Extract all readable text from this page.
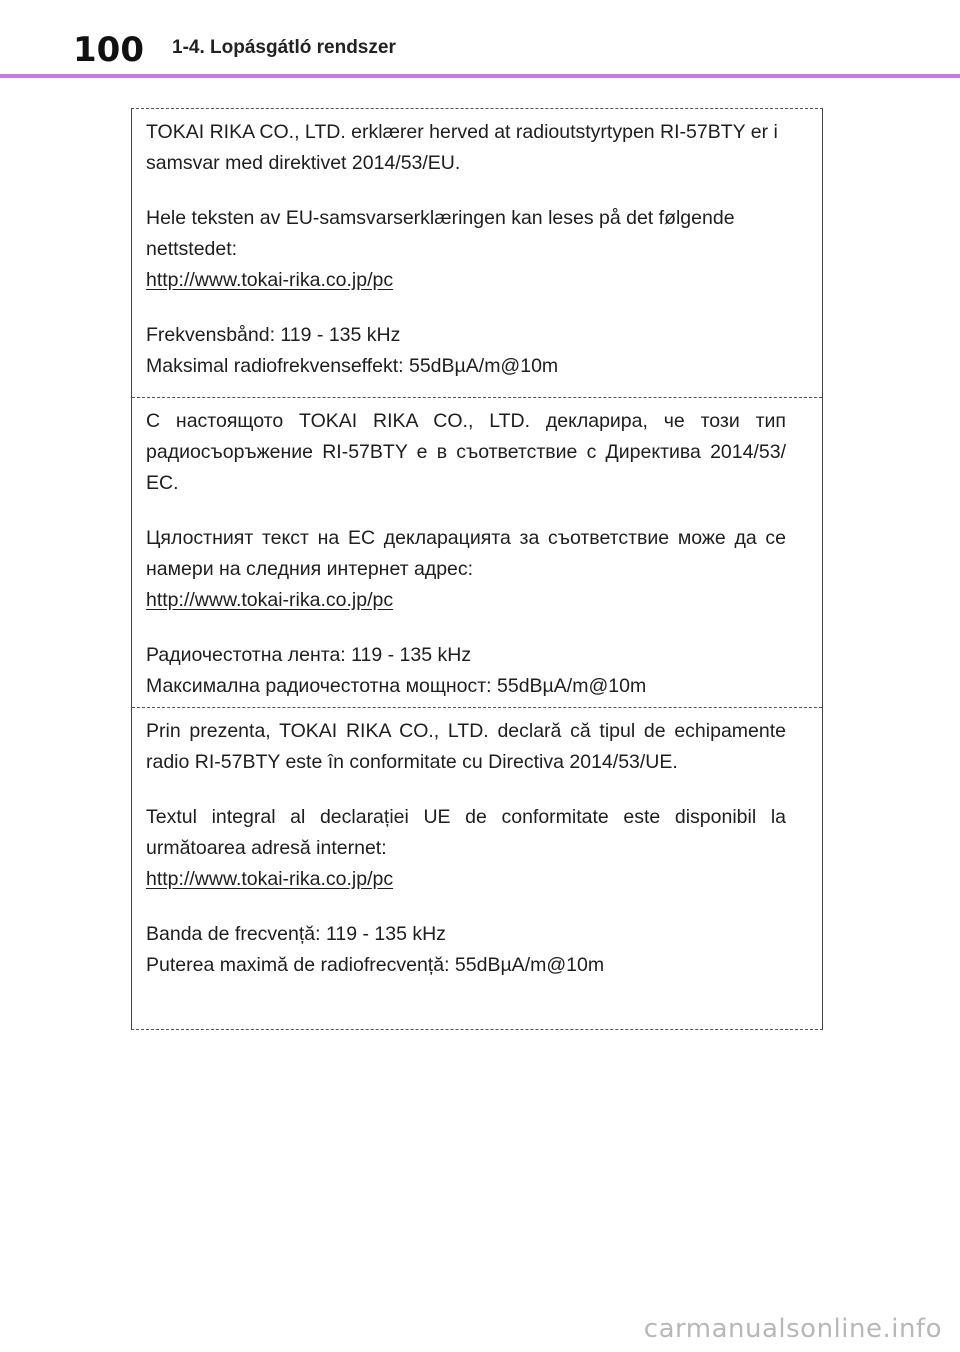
100 1-4. Lopásgátló rendszer

TOKAI RIKA CO., LTD. erklærer herved at radioutstyrtypen RI-57BTY er i samsvar med direktivet 2014/53/EU.

Hele teksten av EU-samsvarserklæringen kan leses på det følgende nettstedet:

http://www.tokai-rika.co.jp/pc

Frekvensbånd: 119 - 135 kHz

Maksimal radiofrekvenseffekt: 55dBµA/m@10m

С настоящото TOKAI RIKA CO., LTD. декларира, че този тип радиосъоръжение RI-57BTY е в съответствие с Директива 2014/53/ЕС.

Цялостният текст на ЕС декларацията за съответствие може да се намери на следния интернет адрес:

http://www.tokai-rika.co.jp/pc

Радиочестотна лента: 119 - 135 kHz

Максимална радиочестотна мощност: 55dBµA/m@10m

Prin prezenta, TOKAI RIKA CO., LTD. declară că tipul de echipamente radio RI-57BTY este în conformitate cu Directiva 2014/53/UE.

Textul integral al declarației UE de conformitate este disponibil la următoarea adresă internet:

http://www.tokai-rika.co.jp/pc

Banda de frecvență: 119 - 135 kHz

Puterea maximă de radiofrecvență: 55dBµA/m@10m

carmanualsonline.info
